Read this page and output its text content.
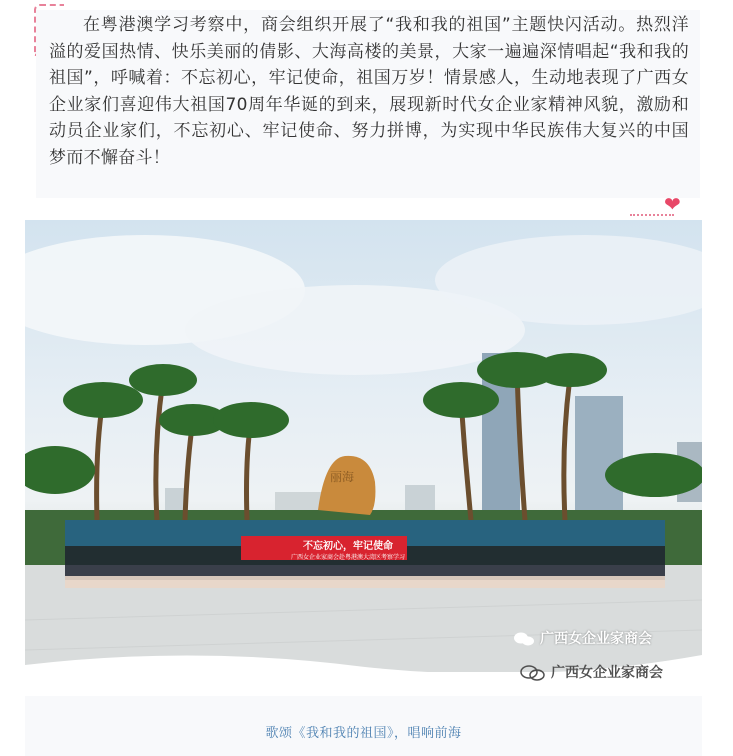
在粤港澳学习考察中，商会组织开展了“我和我的祖国”主题快闪活动。热烈洋溢的爱国热情、快乐美丽的倩影、大海高楼的美景，大家一遍遍深情唱起“我和我的祖国”，呼喊着：不忘初心，牢记使命，祖国万岁！情景感人，生动地表现了广西女企业家们喜迎伟大祖国70周年华诞的到来，展现新时代女企业家精神风貌，激励和动员企业家们，不忘初心、牢记使命、努力拼博，为实现中华民族伟大复兴的中国梦而不懈奋斗！

❤
不忘初心，牢记使命
广西女企业家商会赴粤港澳大湾区考察学习
丽海
广西女企业家商会
广西女企业家商会
歌颂《我和我的祖国》，唱响前海
